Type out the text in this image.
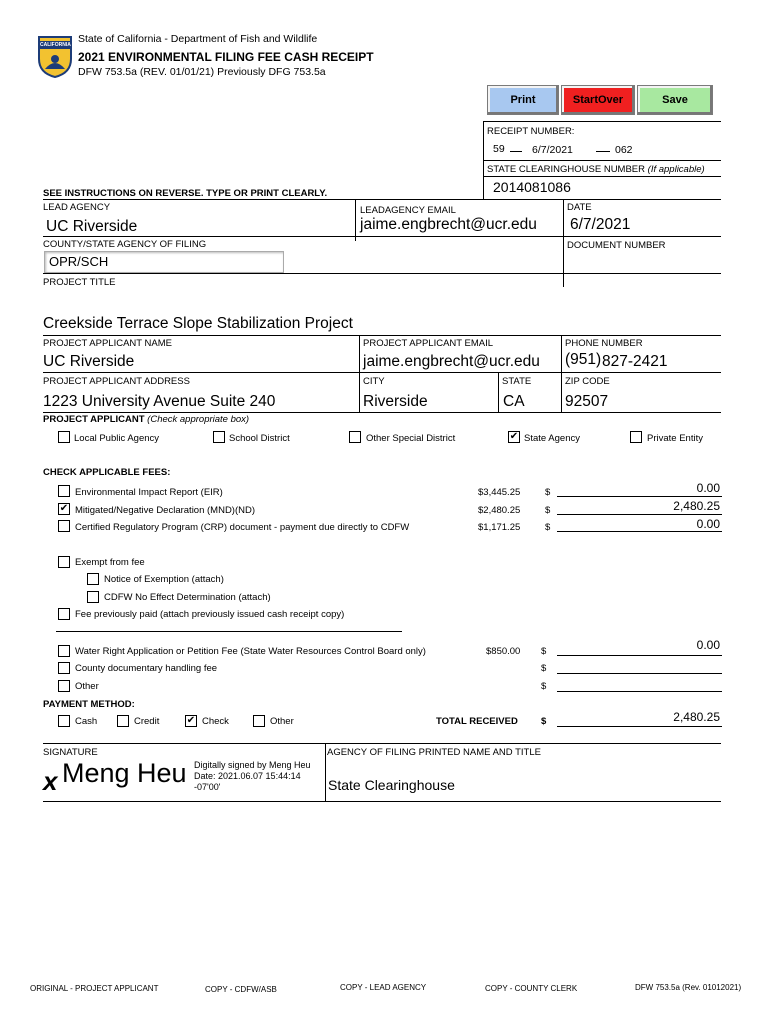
CALIFORNIA State of California - Department of Fish and Wildlife
2021 ENVIRONMENTAL FILING FEE CASH RECEIPT
DFW 753.5a (REV. 01/01/21) Previously DFG 753.5a
Print	StartOver	Save
RECEIPT NUMBER:
59	6/7/2021	062
STATE CLEARINGHOUSE NUMBER (If applicable)
2014081086
SEE INSTRUCTIONS ON REVERSE. TYPE OR PRINT CLEARLY.
LEAD AGENCY	LEADAGENCY EMAIL	DATE
UC Riverside	jaime.engbrecht@ucr.edu 6/7/2021
COUNTY/STATE AGENCY OF FILING	DOCUMENT NUMBER
OPR/SCH
PROJECT TITLE
Creekside Terrace Slope Stabilization Project
PROJECT APPLICANT NAME	PROJECT APPLICANT EMAIL	PHONE NUMBER
UC Riverside	jaime.engbrecht@ucr.edu (951) 827-2421
PROJECT APPLICANT ADDRESS	CITY	STATE	ZIP CODE
1223 University Avenue Suite 240	Riverside	CA	92507
PROJECT APPLICANT (Check appropriate box)
Local Public Agency	School District	Other Special District	✔ State Agency	Private Entity
CHECK APPLICABLE FEES:
Environmental Impact Report (EIR)	$3,445.25	$	0.00
✔ Mitigated/Negative Declaration (MND)(ND)	$2,480.25	$	2,480.25
Certified Regulatory Program (CRP) document - payment due directly to CDFW	$1,171.25	$	0.00
Exempt from fee
Notice of Exemption (attach)
CDFW No Effect Determination (attach)
Fee previously paid (attach previously issued cash receipt copy)
Water Right Application or Petition Fee (State Water Resources Control Board only)	$850.00 $	0.00
County documentary handling fee	$
Other	$
PAYMENT METHOD:
Cash	Credit	✔ Check	Other	TOTAL RECEIVED $	2,480.25
SIGNATURE	AGENCY OF FILING PRINTED NAME AND TITLE
x Meng Heu Digitally signed by Meng Heu
Date: 2021.06.07 15:44:14
-07'00'	State Clearinghouse
ORIGINAL - PROJECT APPLICANT	COPY - CDFW/ASB	COPY - LEAD AGENCY	COPY - COUNTY CLERK	DFW 753.5a (Rev. 01012021)
